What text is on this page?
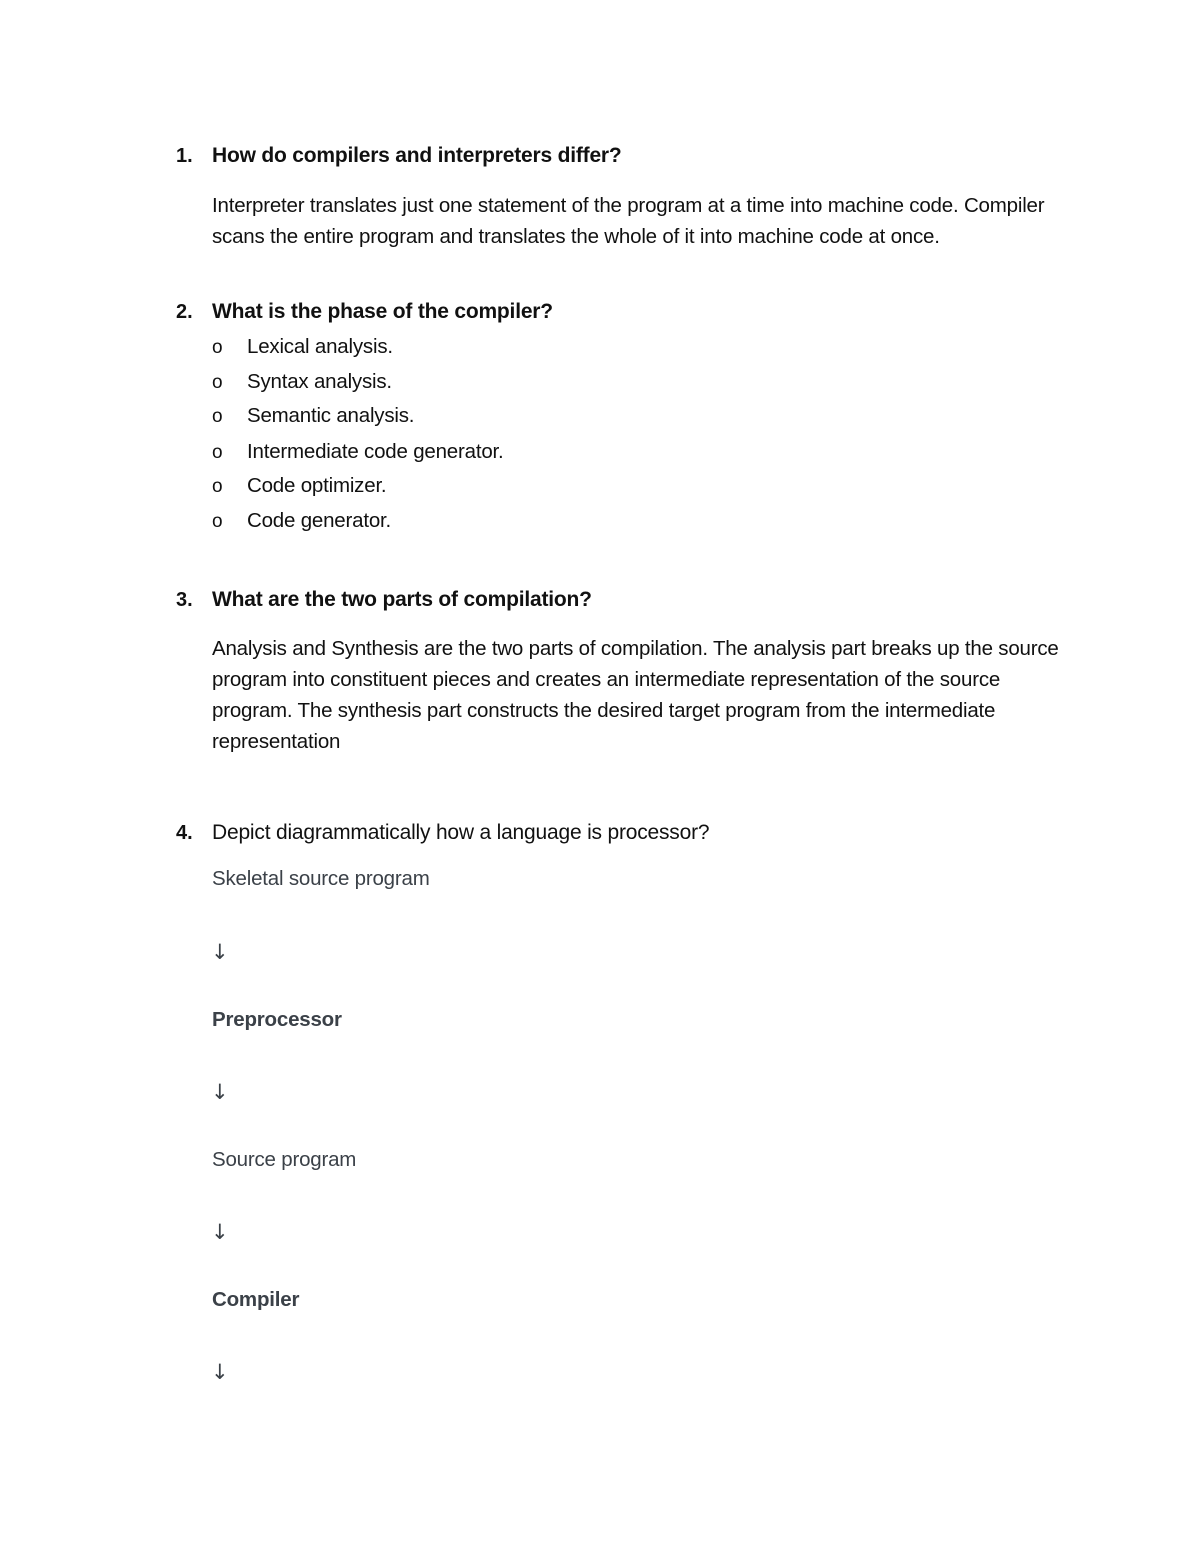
1. How do compilers and interpreters differ?
Interpreter translates just one statement of the program at a time into machine code. Compiler scans the entire program and translates the whole of it into machine code at once.
2. What is the phase of the compiler?
o Lexical analysis.
o Syntax analysis.
o Semantic analysis.
o Intermediate code generator.
o Code optimizer.
o Code generator.
3. What are the two parts of compilation?
Analysis and Synthesis are the two parts of compilation. The analysis part breaks up the source program into constituent pieces and creates an intermediate representation of the source program. The synthesis part constructs the desired target program from the intermediate representation
4. Depict diagrammatically how a language is processor?
Skeletal source program
↓
Preprocessor
↓
Source program
↓
Compiler
↓
